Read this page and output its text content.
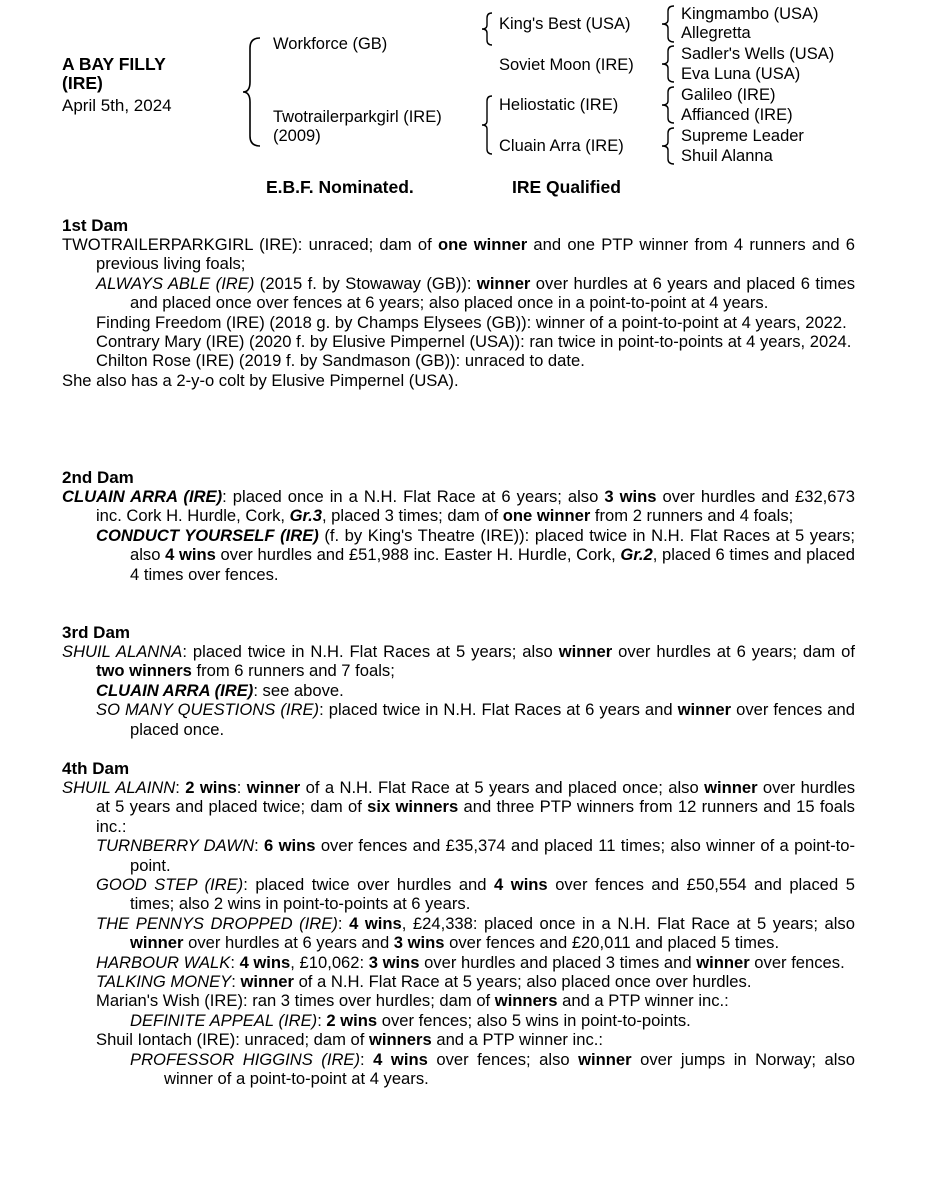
A BAY FILLY
(IRE)
April 5th, 2024
Workforce (GB)
Twotrailerparkgirl (IRE)
(2009)
King's Best (USA)
Soviet Moon (IRE)
Heliostatic (IRE)
Cluain Arra (IRE)
Kingmambo (USA)
Allegretta
Sadler's Wells (USA)
Eva Luna (USA)
Galileo (IRE)
Affianced (IRE)
Supreme Leader
Shuil Alanna
E.B.F. Nominated.	IRE Qualified
1st Dam

TWOTRAILERPARKGIRL (IRE): unraced; dam of one winner and one PTP winner from 4 runners and 6 previous living foals;

ALWAYS ABLE (IRE) (2015 f. by Stowaway (GB)): winner over hurdles at 6 years and placed 6 times and placed once over fences at 6 years; also placed once in a point-to-point at 4 years.

Finding Freedom (IRE) (2018 g. by Champs Elysees (GB)): winner of a point-to-point at 4 years, 2022.

Contrary Mary (IRE) (2020 f. by Elusive Pimpernel (USA)): ran twice in point-to-points at 4 years, 2024.

Chilton Rose (IRE) (2019 f. by Sandmason (GB)): unraced to date.

She also has a 2-y-o colt by Elusive Pimpernel (USA).

2nd Dam

CLUAIN ARRA (IRE): placed once in a N.H. Flat Race at 6 years; also 3 wins over hurdles and £32,673 inc. Cork H. Hurdle, Cork, Gr.3, placed 3 times; dam of one winner from 2 runners and 4 foals;

CONDUCT YOURSELF (IRE) (f. by King's Theatre (IRE)): placed twice in N.H. Flat Races at 5 years; also 4 wins over hurdles and £51,988 inc. Easter H. Hurdle, Cork, Gr.2, placed 6 times and placed 4 times over fences.

3rd Dam

SHUIL ALANNA: placed twice in N.H. Flat Races at 5 years; also winner over hurdles at 6 years; dam of two winners from 6 runners and 7 foals;

CLUAIN ARRA (IRE): see above.

SO MANY QUESTIONS (IRE): placed twice in N.H. Flat Races at 6 years and winner over fences and placed once.

4th Dam

SHUIL ALAINN: 2 wins: winner of a N.H. Flat Race at 5 years and placed once; also winner over hurdles at 5 years and placed twice; dam of six winners and three PTP winners from 12 runners and 15 foals inc.:

TURNBERRY DAWN: 6 wins over fences and £35,374 and placed 11 times; also winner of a point-to-point.

GOOD STEP (IRE): placed twice over hurdles and 4 wins over fences and £50,554 and placed 5 times; also 2 wins in point-to-points at 6 years.

THE PENNYS DROPPED (IRE): 4 wins, £24,338: placed once in a N.H. Flat Race at 5 years; also winner over hurdles at 6 years and 3 wins over fences and £20,011 and placed 5 times.

HARBOUR WALK: 4 wins, £10,062: 3 wins over hurdles and placed 3 times and winner over fences.

TALKING MONEY: winner of a N.H. Flat Race at 5 years; also placed once over hurdles.

Marian's Wish (IRE): ran 3 times over hurdles; dam of winners and a PTP winner inc.:

DEFINITE APPEAL (IRE): 2 wins over fences; also 5 wins in point-to-points.

Shuil Iontach (IRE): unraced; dam of winners and a PTP winner inc.:

PROFESSOR HIGGINS (IRE): 4 wins over fences; also winner over jumps in Norway; also winner of a point-to-point at 4 years.
